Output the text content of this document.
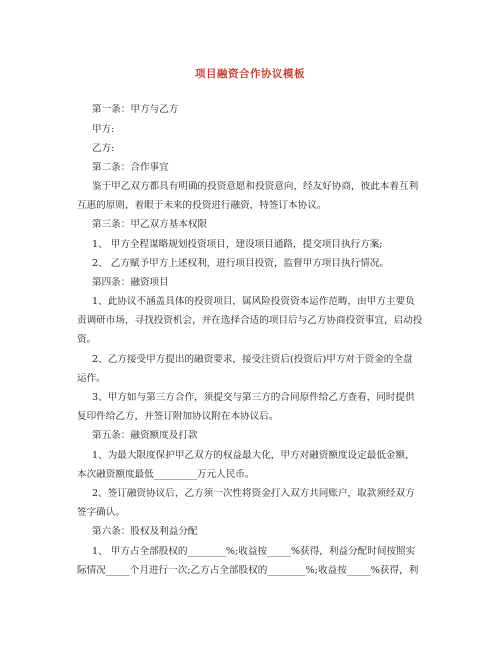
项目融资合作协议模板
第一条：甲方与乙方
甲方:
乙方:
第二条：合作事宜
鉴于甲乙双方都具有明确的投资意愿和投资意向，经友好协商，彼此本着互利
互惠的原则，着眼于未来的投资进行融资，特签订本协议。
第三条：甲乙双方基本权限
1、 甲方全程谋略规划投资项目，建设项目通路，提交项目执行方案;
2、 乙方赋予甲方上述权利，进行项目投资，监督甲方项目执行情况。
第四条：融资项目
1、此协议不涵盖具体的投资项目，属风险投资资本运作范畴，由甲方主要负
责调研市场，寻找投资机会，并在选择合适的项目后与乙方协商投资事宜，启动投
资。
2、乙方接受甲方提出的融资要求，接受注资后(投资后)甲方对于资金的全盘
运作。
3、甲方如与第三方合作，须提交与第三方的合同原件给乙方查看，同时提供
复印件给乙方，并签订附加协议附在本协议后。
第五条：融资额度及打款
1、为最大限度保护甲乙双方的权益最大化，甲方对融资额度设定最低金额，
本次融资额度最低_________万元人民币。
2、签订融资协议后，乙方须一次性将资金打入双方共同账户，取款须经双方
签字确认。
第六条：股权及利益分配
1、 甲方占全部股权的________%;收益按_____%获得，利益分配时间按照实
际情况_____个月进行一次;乙方占全部股权的________%;收益按_____%获得，利
